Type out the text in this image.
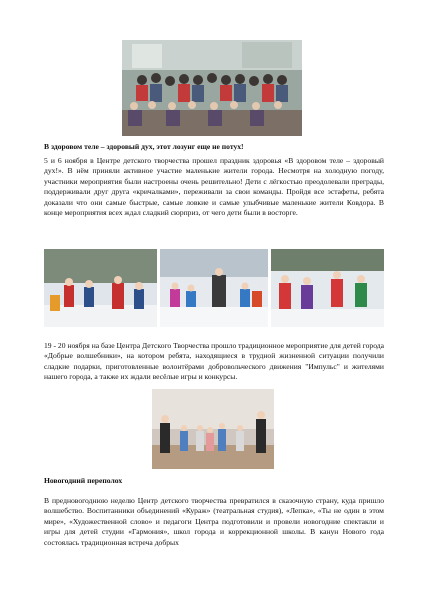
В здоровом теле – здоровый дух, этот лозунг еще не потух!
5 и 6 ноября в Центре детского творчества прошел праздник здоровья «В здоровом теле – здоровый дух!». В нём приняли активное участие маленькие жители города. Несмотря на холодную погоду, участники мероприятия были настроены очень решительно! Дети с лёгкостью преодолевали преграды, поддерживали друг друга «кричалками», переживали за свои команды. Пройдя все эстафеты, ребята доказали что они самые быстрые, самые ловкие и самые улыбчивые маленькие жители Ковдора. В конце мероприятия всех ждал сладкий сюрприз, от чего дети были в восторге.
19 - 20 ноября на базе Центра Детского Творчества прошло традиционное мероприятие для детей города «Добрые волшебники», на котором ребята, находящиеся в трудной жизненной ситуации получили сладкие подарки, приготовленные волонтёрами добровольческого движения "Импульс" и жителями нашего города, а также их ждали весёлые игры и конкурсы.
Новогодний переполох
В предновогоднюю неделю Центр детского творчества превратился в сказочную страну, куда пришло волшебство. Воспитанники объединений «Кураж» (театральная студия), «Лепка», «Ты не один в этом мире», «Художественной слово» и педагоги Центра подготовили и провели новогодние спектакли и игры для детей студии «Гармония», школ города и коррекционной школы. В канун Нового года состоялась традиционная встреча добрых
